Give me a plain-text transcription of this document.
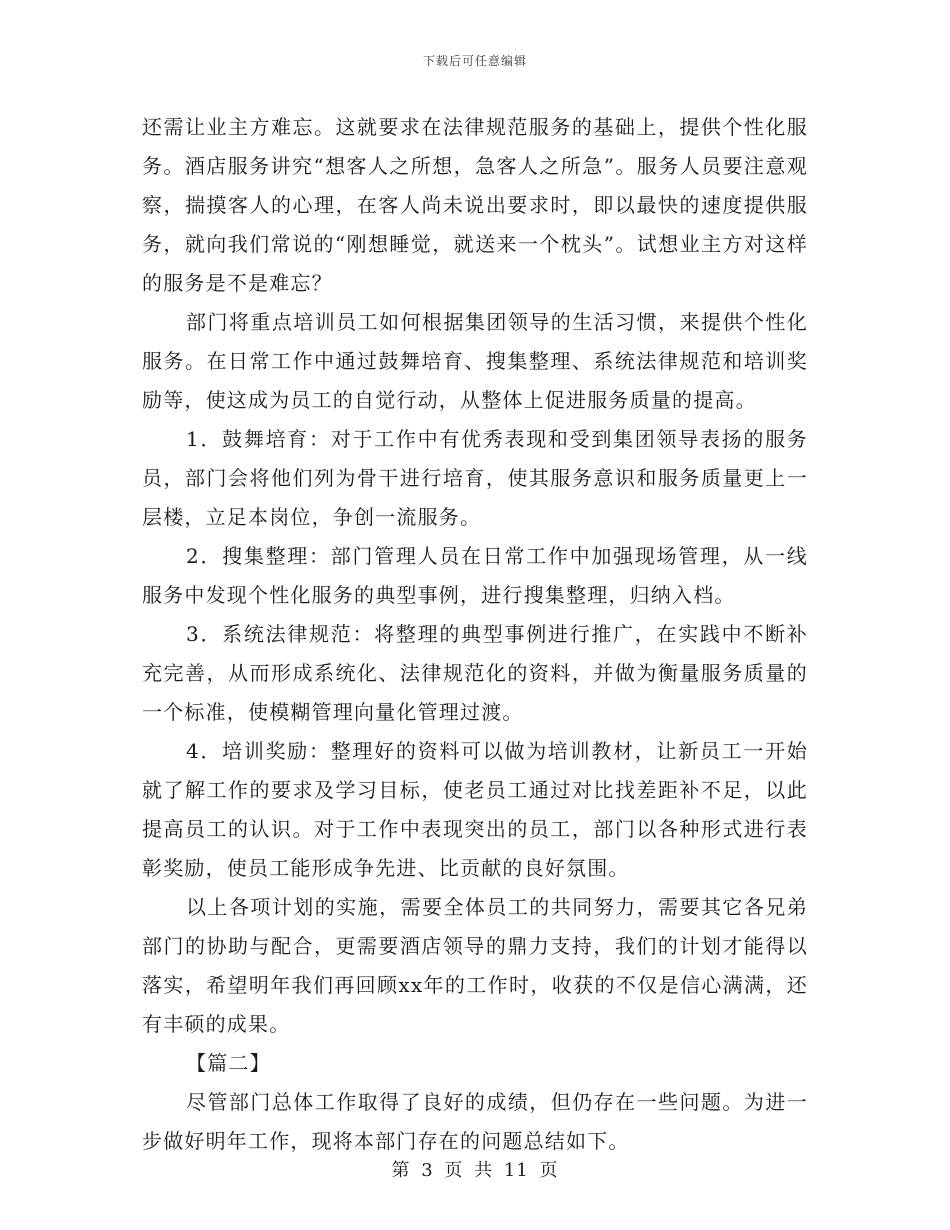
下载后可任意编辑

还需让业主方难忘。这就要求在法律规范服务的基础上，提供个性化服务。酒店服务讲究“想客人之所想，急客人之所急”。服务人员要注意观察，揣摸客人的心理，在客人尚未说出要求时，即以最快的速度提供服务，就向我们常说的“刚想睡觉，就送来一个枕头”。试想业主方对这样的服务是不是难忘？

部门将重点培训员工如何根据集团领导的生活习惯，来提供个性化服务。在日常工作中通过鼓舞培育、搜集整理、系统法律规范和培训奖励等，使这成为员工的自觉行动，从整体上促进服务质量的提高。

1．鼓舞培育：对于工作中有优秀表现和受到集团领导表扬的服务员，部门会将他们列为骨干进行培育，使其服务意识和服务质量更上一层楼，立足本岗位，争创一流服务。

2．搜集整理：部门管理人员在日常工作中加强现场管理，从一线服务中发现个性化服务的典型事例，进行搜集整理，归纳入档。

3．系统法律规范：将整理的典型事例进行推广，在实践中不断补充完善，从而形成系统化、法律规范化的资料，并做为衡量服务质量的一个标准，使模糊管理向量化管理过渡。

4．培训奖励：整理好的资料可以做为培训教材，让新员工一开始就了解工作的要求及学习目标，使老员工通过对比找差距补不足，以此提高员工的认识。对于工作中表现突出的员工，部门以各种形式进行表彰奖励，使员工能形成争先进、比贡献的良好氛围。

以上各项计划的实施，需要全体员工的共同努力，需要其它各兄弟部门的协助与配合，更需要酒店领导的鼎力支持，我们的计划才能得以落实，希望明年我们再回顾xx年的工作时，收获的不仅是信心满满，还有丰硕的成果。

【篇二】

尽管部门总体工作取得了良好的成绩，但仍存在一些问题。为进一步做好明年工作，现将本部门存在的问题总结如下。

第 3 页 共 11 页
